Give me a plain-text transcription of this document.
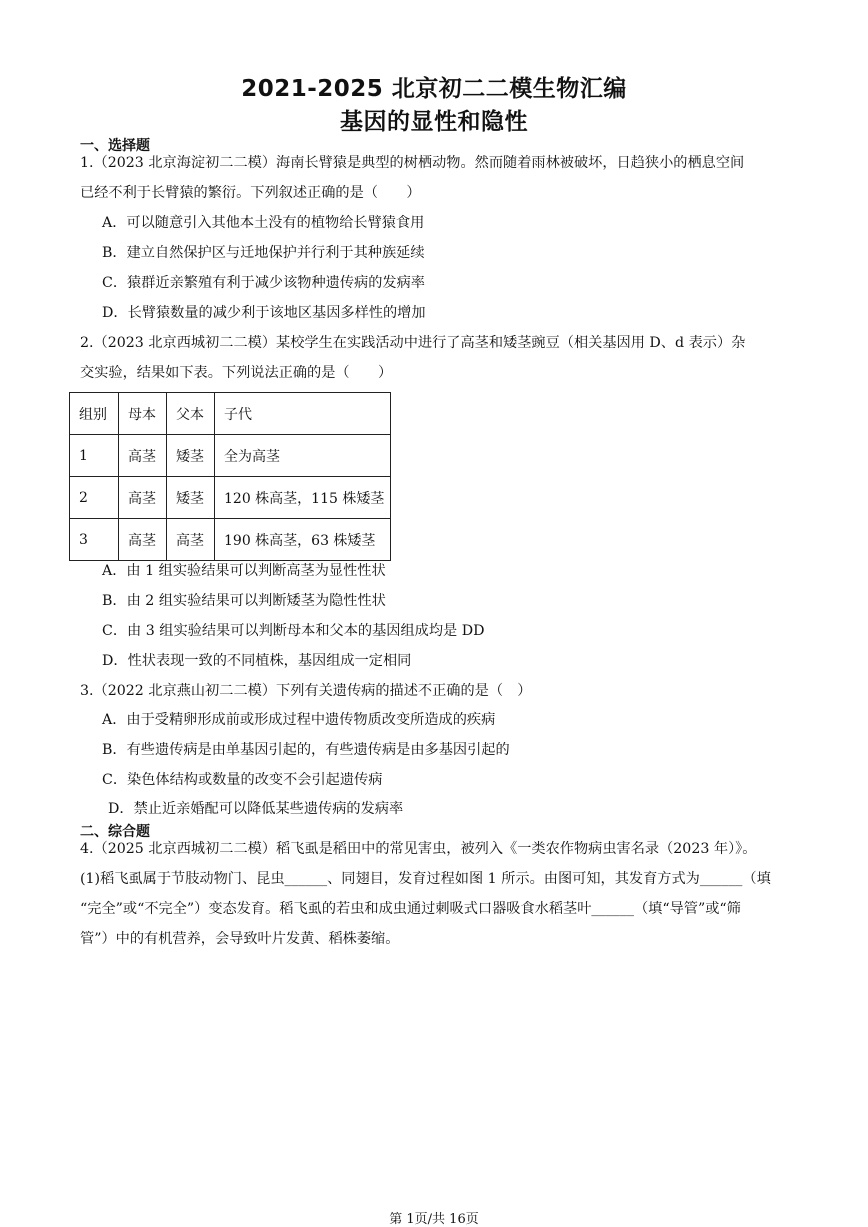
2021-2025 北京初二二模生物汇编
基因的显性和隐性
一、选择题
1.（2023 北京海淀初二二模）海南长臂猿是典型的树栖动物。然而随着雨林被破坏，日趋狭小的栖息空间
已经不利于长臂猿的繁衍。下列叙述正确的是（　　）
A．可以随意引入其他本土没有的植物给长臂猿食用
B．建立自然保护区与迁地保护并行利于其种族延续
C．猿群近亲繁殖有利于减少该物种遗传病的发病率
D．长臂猿数量的减少利于该地区基因多样性的增加
2.（2023 北京西城初二二模）某校学生在实践活动中进行了高茎和矮茎豌豆（相关基因用 D、d 表示）杂
交实验，结果如下表。下列说法正确的是（　　）
组别	母本	父本	子代
1	高茎	矮茎	全为高茎
2	高茎	矮茎	120 株高茎，115 株矮茎
3	高茎	高茎	190 株高茎，63 株矮茎
A．由 1 组实验结果可以判断高茎为显性性状
B．由 2 组实验结果可以判断矮茎为隐性性状
C．由 3 组实验结果可以判断母本和父本的基因组成均是 DD
D．性状表现一致的不同植株，基因组成一定相同
3.（2022 北京燕山初二二模）下列有关遗传病的描述不正确的是（　）
A．由于受精卵形成前或形成过程中遗传物质改变所造成的疾病
B．有些遗传病是由单基因引起的，有些遗传病是由多基因引起的
C．染色体结构或数量的改变不会引起遗传病
D．禁止近亲婚配可以降低某些遗传病的发病率
二、综合题
4.（2025 北京西城初二二模）稻飞虱是稻田中的常见害虫，被列入《一类农作物病虫害名录（2023 年）》。
(1)稻飞虱属于节肢动物门、昆虫______、同翅目，发育过程如图 1 所示。由图可知，其发育方式为______（填
“完全”或“不完全”）变态发育。稻飞虱的若虫和成虫通过刺吸式口器吸食水稻茎叶______（填“导管”或“筛
管”）中的有机营养，会导致叶片发黄、稻株萎缩。
第 1页/共 16页
